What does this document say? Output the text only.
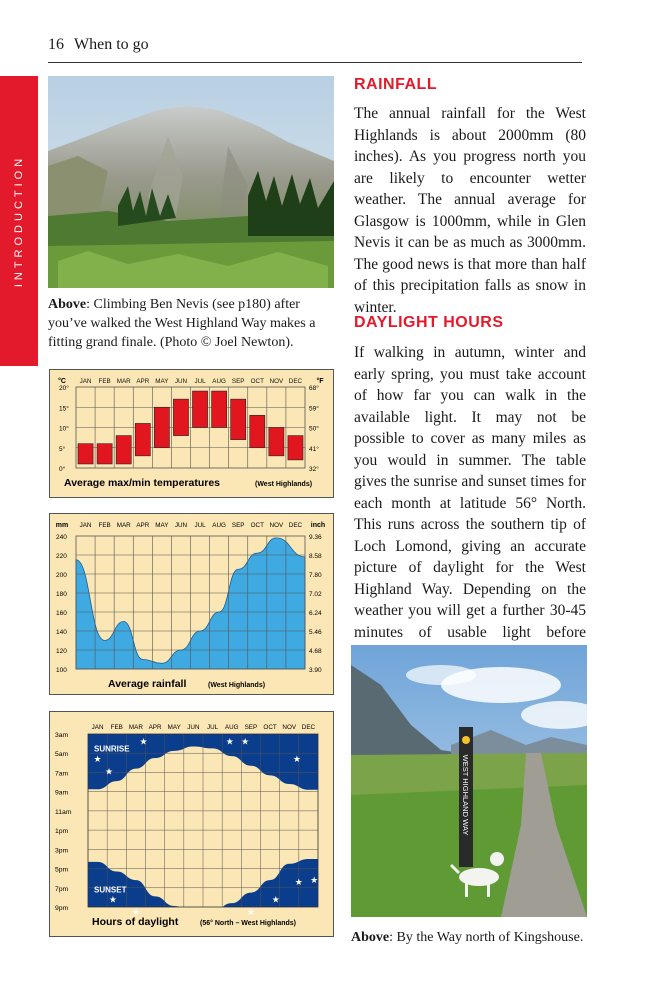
16 When to go
INTRODUCTION
Above: Climbing Ben Nevis (see p180) after you’ve walked the West Highland Way makes a fitting grand finale. (Photo © Joel Newton).
JAN FEB MAR APR MAY JUN JUL AUG SEP OCT NOV DEC
°C	°F
20°	68°
15°	59°
10°	50°
5°	41°
0°	32°
Average max/min temperatures	(West Highlands)
JAN FEB MAR APR MAY JUN JUL AUG SEP OCT NOV DEC
mm	inch
240	9.36
220	8.58
200	7.80
180	7.02
160	6.24
140	5.46
120	4.68
100	3.90
Average rainfall	(West Highlands)
JAN FEB MAR APR MAY JUN JUL AUG SEP OCT NOV DEC
3am
5am
7am
9am
11am
1pm
3pm
5pm
7pm
9pm
★
★
★	★ ★
★
★
★	★
★
★ ★
SUNRISE
SUNSET
Hours of daylight	(56° North – West Highlands)
RAINFALL
The annual rainfall for the West Highlands is about 2000mm (80 inches). As you progress north you are likely to encounter wetter weather. The annual average for Glasgow is 1000mm, while in Glen Nevis it can be as much as 3000mm. The good news is that more than half of this precipitation falls as snow in winter.
DAYLIGHT HOURS
If walking in autumn, winter and early spring, you must take account of how far you can walk in the available light. It may not be possible to cover as many miles as you would in summer. The table gives the sunrise and sunset times for each month at latitude 56° North. This runs across the southern tip of Loch Lomond, giving an accurate picture of daylight for the West Highland Way. Depending on the weather you will get a further 30-45 minutes of usable light before
WEST HIGHLAND WAY
Above: By the Way north of Kingshouse.
